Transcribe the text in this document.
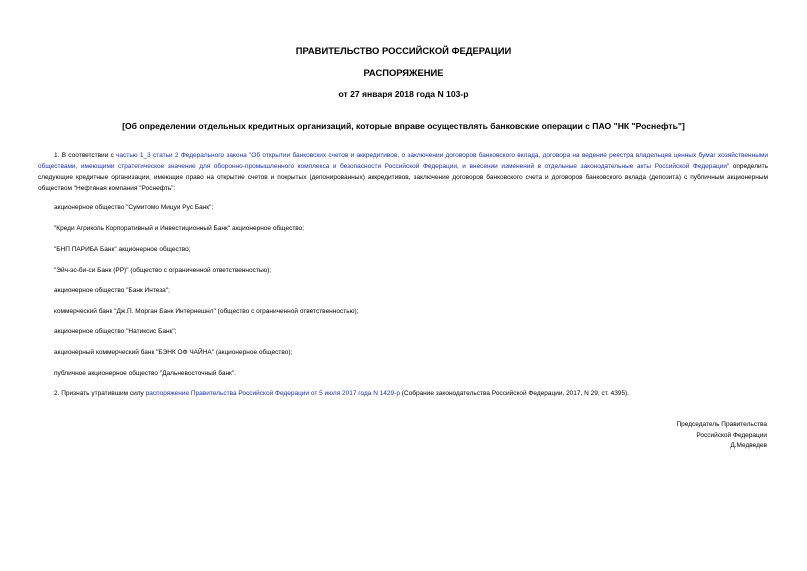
ПРАВИТЕЛЬСТВО РОССИЙСКОЙ ФЕДЕРАЦИИ
РАСПОРЯЖЕНИЕ
от 27 января 2018 года N 103-р
[Об определении отдельных кредитных организаций, которые вправе осуществлять банковские операции с ПАО "НК "Роснефть"]

1. В соответствии с частью 1_3 статьи 2 Федерального закона "Об открытии банковских счетов и аккредитивов, о заключении договоров банковского вклада, договора на ведение реестра владельцев ценных бумаг хозяйственными обществами, имеющими стратегическое значение для оборонно-промышленного комплекса и безопасности Российской Федерации, и внесении изменений в отдельные законодательные акты Российской Федерации" определить следующие кредитные организации, имеющие право на открытие счетов и покрытых (депонированных) аккредитивов, заключение договоров банковского счета и договоров банковского вклада (депозита) с публичным акционерным обществом "Нефтяная компания "Роснефть":

акционерное общество "Сумитомо Мицуи Рус Банк";
"Креди Агриколь Корпоративный и Инвестиционный Банк" акционерное общество;
"БНП ПАРИБА Банк" акционерное общество;
"Эйч-эс-би-си Банк (РР)" (общество с ограниченной ответственностью);
акционерное общество "Банк Интеза";
коммерческий банк "Дж.П. Морган Банк Интернешнл" (общество с ограниченной ответственностью);
акционерное общество "Натиксис Банк";
акционерный коммерческий банк "БЭНК ОФ ЧАЙНА" (акционерное общество);
публичное акционерное общество "Дальневосточный банк".
2. Признать утратившим силу распоряжение Правительства Российской Федерации от 5 июля 2017 года N 1429-р (Собрание законодательства Российской Федерации, 2017, N 29, ст. 4395).
Председатель Правительства
Российской Федерации
Д.Медведев
